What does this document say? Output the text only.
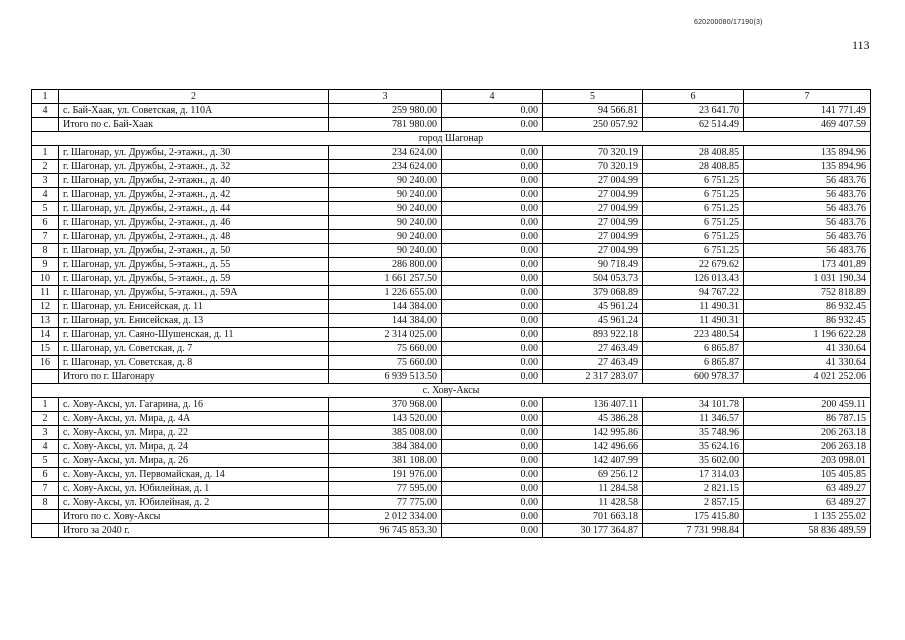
620200080/17190(3)
113
1	2	3	4	5	6	7
4	с. Бай-Хаак, ул. Советская, д. 110А	259 980.00	0.00	94 566.81	23 641.70	141 771.49
	Итого по с. Бай-Хаак	781 980.00	0.00	250 057.92	62 514.49	469 407.59
город Шагонар						
1	г. Шагонар, ул. Дружбы, 2-этажн., д. 30	234 624.00	0.00	70 320.19	28 408.85	135 894.96
2	г. Шагонар, ул. Дружбы, 2-этажн., д. 32	234 624.00	0.00	70 320.19	28 408.85	135 894.96
3	г. Шагонар, ул. Дружбы, 2-этажн., д. 40	90 240.00	0.00	27 004.99	6 751.25	56 483.76
4	г. Шагонар, ул. Дружбы, 2-этажн., д. 42	90 240.00	0.00	27 004.99	6 751.25	56 483.76
5	г. Шагонар, ул. Дружбы, 2-этажн., д. 44	90 240.00	0.00	27 004.99	6 751.25	56 483.76
6	г. Шагонар, ул. Дружбы, 2-этажн., д. 46	90 240.00	0.00	27 004.99	6 751.25	56 483.76
7	г. Шагонар, ул. Дружбы, 2-этажн., д. 48	90 240.00	0.00	27 004.99	6 751.25	56 483.76
8	г. Шагонар, ул. Дружбы, 2-этажн., д. 50	90 240.00	0.00	27 004.99	6 751.25	56 483.76
9	г. Шагонар, ул. Дружбы, 5-этажн., д. 55	286 800.00	0.00	90 718.49	22 679.62	173 401.89
10	г. Шагонар, ул. Дружбы, 5-этажн., д. 59	1 661 257.50	0.00	504 053.73	126 013.43	1 031 190.34
11	г. Шагонар, ул. Дружбы, 5-этажн., д. 59А	1 226 655.00	0.00	379 068.89	94 767.22	752 818.89
12	г. Шагонар, ул. Енисейская, д. 11	144 384.00	0.00	45 961.24	11 490.31	86 932.45
13	г. Шагонар, ул. Енисейская, д. 13	144 384.00	0.00	45 961.24	11 490.31	86 932.45
14	г. Шагонар, ул. Саяно-Шушенская, д. 11	2 314 025.00	0.00	893 922.18	223 480.54	1 196 622.28
15	г. Шагонар, ул. Советская, д. 7	75 660.00	0.00	27 463.49	6 865.87	41 330.64
16	г. Шагонар, ул. Советская, д. 8	75 660.00	0.00	27 463.49	6 865.87	41 330.64
	Итого по г. Шагонару	6 939 513.50	0.00	2 317 283.07	600 978.37	4 021 252.06
с. Хову-Аксы						
1	с. Хову-Аксы, ул. Гагарина, д. 16	370 968.00	0.00	136 407.11	34 101.78	200 459.11
2	с. Хову-Аксы, ул. Мира, д. 4А	143 520.00	0.00	45 386.28	11 346.57	86 787.15
3	с. Хову-Аксы, ул. Мира, д. 22	385 008.00	0.00	142 995.86	35 748.96	206 263.18
4	с. Хову-Аксы, ул. Мира, д. 24	384 384.00	0.00	142 496.66	35 624.16	206 263.18
5	с. Хову-Аксы, ул. Мира, д. 26	381 108.00	0.00	142 407.99	35 602.00	203 098.01
6	с. Хову-Аксы, ул. Первомайская, д. 14	191 976.00	0.00	69 256.12	17 314.03	105 405.85
7	с. Хову-Аксы, ул. Юбилейная, д. 1	77 595.00	0.00	11 284.58	2 821.15	63 489.27
8	с. Хову-Аксы, ул. Юбилейная, д. 2	77 775.00	0.00	11 428.58	2 857.15	63 489.27
	Итого по с. Хову-Аксы	2 012 334.00	0.00	701 663.18	175 415.80	1 135 255.02
	Итого за 2040 г.	96 745 853.30	0.00	30 177 364.87	7 731 998.84	58 836 489.59
